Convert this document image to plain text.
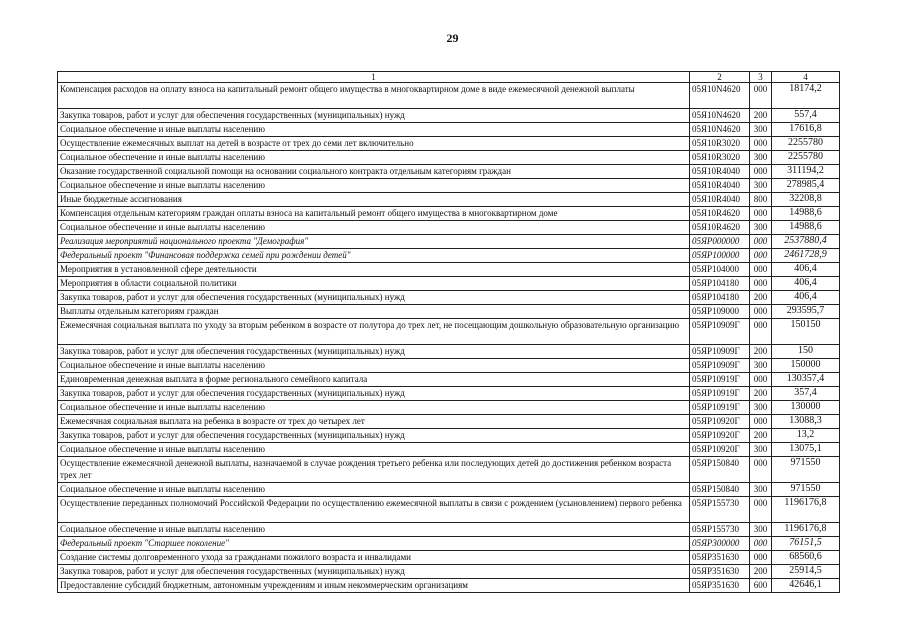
29
1	2	3	4
Компенсация расходов на оплату взноса на капитальный ремонт общего имущества в многоквартирном доме в виде ежемесячной денежной выплаты	05Я10N4620	000	18174,2
Закупка товаров, работ и услуг для обеспечения государственных (муниципальных) нужд	05Я10N4620	200	557,4
Социальное обеспечение и иные выплаты населению	05Я10N4620	300	17616,8
Осуществление ежемесячных выплат на детей в возрасте от трех до семи лет включительно	05Я10R3020	000	2255780
Социальное обеспечение и иные выплаты населению	05Я10R3020	300	2255780
Оказание государственной социальной помощи на основании социального контракта отдельным категориям граждан	05Я10R4040	000	311194,2
Социальное обеспечение и иные выплаты населению	05Я10R4040	300	278985,4
Иные бюджетные ассигнования	05Я10R4040	800	32208,8
Компенсация отдельным категориям граждан оплаты взноса на капитальный ремонт общего имущества в многоквартирном доме	05Я10R4620	000	14988,6
Социальное обеспечение и иные выплаты населению	05Я10R4620	300	14988,6
Реализация мероприятий национального проекта "Демография"	05ЯР000000	000	2537880,4
Федеральный проект "Финансовая поддержка семей при рождении детей"	05ЯР100000	000	2461728,9
Мероприятия в установленной сфере деятельности	05ЯР104000	000	406,4
Мероприятия в области социальной политики	05ЯР104180	000	406,4
Закупка товаров, работ и услуг для обеспечения государственных (муниципальных) нужд	05ЯР104180	200	406,4
Выплаты отдельным категориям граждан	05ЯР109000	000	293595,7
Ежемесячная социальная выплата по уходу за вторым ребенком в возрасте от полутора до трех лет, не посещающим дошкольную образовательную организацию	05ЯР10909Г	000	150150
Закупка товаров, работ и услуг для обеспечения государственных (муниципальных) нужд	05ЯР10909Г	200	150
Социальное обеспечение и иные выплаты населению	05ЯР10909Г	300	150000
Единовременная денежная выплата в форме регионального семейного капитала	05ЯР10919Г	000	130357,4
Закупка товаров, работ и услуг для обеспечения государственных (муниципальных) нужд	05ЯР10919Г	200	357,4
Социальное обеспечение и иные выплаты населению	05ЯР10919Г	300	130000
Ежемесячная социальная выплата на ребенка в возрасте от трех до четырех лет	05ЯР10920Г	000	13088,3
Закупка товаров, работ и услуг для обеспечения государственных (муниципальных) нужд	05ЯР10920Г	200	13,2
Социальное обеспечение и иные выплаты населению	05ЯР10920Г	300	13075,1
Осуществление ежемесячной денежной выплаты, назначаемой в случае рождения третьего ребенка или последующих детей до достижения ребенком возраста трех лет	05ЯР150840	000	971550
Социальное обеспечение и иные выплаты населению	05ЯР150840	300	971550
Осуществление переданных полномочий Российской Федерации по осуществлению ежемесячной выплаты в связи с рождением (усыновлением) первого ребенка	05ЯР155730	000	1196176,8
Социальное обеспечение и иные выплаты населению	05ЯР155730	300	1196176,8
Федеральный проект "Старшее поколение"	05ЯР300000	000	76151,5
Создание системы долговременного ухода за гражданами пожилого возраста и инвалидами	05ЯР351630	000	68560,6
Закупка товаров, работ и услуг для обеспечения государственных (муниципальных) нужд	05ЯР351630	200	25914,5
Предоставление субсидий бюджетным, автономным учреждениям и иным некоммерческим организациям	05ЯР351630	600	42646,1
